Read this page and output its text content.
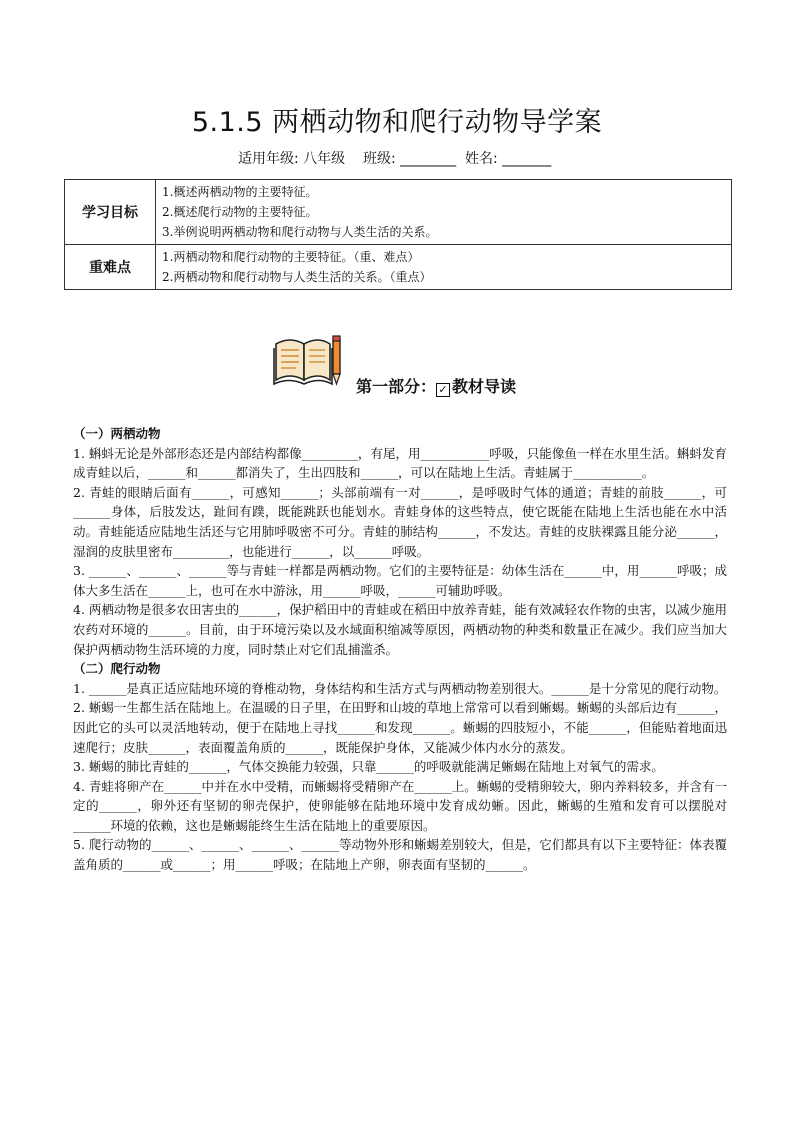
5.1.5 两栖动物和爬行动物导学案
适用年级: 八年级    班级: ________  姓名: _______
学习目标	1.概述两栖动物的主要特征。
2.概述爬行动物的主要特征。
3.举例说明两栖动物和爬行动物与人类生活的关系。

重难点	1.两栖动物和爬行动物的主要特征。（重、难点）
2.两栖动物和爬行动物与人类生活的关系。（重点）
第一部分： ✓ 教材导读

（一）两栖动物

1. 蝌蚪无论是外部形态还是内部结构都像_________，有尾，用___________呼吸，只能像鱼一样在水里生活。蝌蚪发育成青蛙以后，______和______都消失了，生出四肢和______，可以在陆地上生活。青蛙属于___________。

2. 青蛙的眼睛后面有______，可感知______；头部前端有一对______，是呼吸时气体的通道；青蛙的前肢______，可______身体，后肢发达，趾间有蹼，既能跳跃也能划水。青蛙身体的这些特点，使它既能在陆地上生活也能在水中活动。青蛙能适应陆地生活还与它用肺呼吸密不可分。青蛙的肺结构______，不发达。青蛙的皮肤裸露且能分泌______，湿润的皮肤里密布_________，也能进行______，以______呼吸。

3. ______、______、______等与青蛙一样都是两栖动物。它们的主要特征是：幼体生活在______中，用______呼吸；成体大多生活在______上，也可在水中游泳，用______呼吸，______可辅助呼吸。

4. 两栖动物是很多农田害虫的______，保护稻田中的青蛙或在稻田中放养青蛙，能有效减轻农作物的虫害，以减少施用农药对环境的______。目前，由于环境污染以及水域面积缩减等原因，两栖动物的种类和数量正在减少。我们应当加大保护两栖动物生活环境的力度，同时禁止对它们乱捕滥杀。

（二）爬行动物

1. ______是真正适应陆地环境的脊椎动物，身体结构和生活方式与两栖动物差别很大。______是十分常见的爬行动物。

2. 蜥蜴一生都生活在陆地上。在温暖的日子里，在田野和山坡的草地上常常可以看到蜥蜴。蜥蜴的头部后边有______，因此它的头可以灵活地转动，便于在陆地上寻找______和发现______。蜥蜴的四肢短小，不能______，但能贴着地面迅速爬行；皮肤______，表面覆盖角质的______，既能保护身体，又能减少体内水分的蒸发。

3. 蜥蜴的肺比青蛙的______，气体交换能力较强，只靠______的呼吸就能满足蜥蜴在陆地上对氧气的需求。

4. 青蛙将卵产在______中并在水中受精，而蜥蜴将受精卵产在______上。蜥蜴的受精卵较大，卵内养料较多，并含有一定的______，卵外还有坚韧的卵壳保护，使卵能够在陆地环境中发育成幼蜥。因此，蜥蜴的生殖和发育可以摆脱对______环境的依赖，这也是蜥蜴能终生生活在陆地上的重要原因。

5. 爬行动物的______、______、______、______等动物外形和蜥蜴差别较大，但是，它们都具有以下主要特征：体表覆盖角质的______或______；用______呼吸；在陆地上产卵，卵表面有坚韧的______。
